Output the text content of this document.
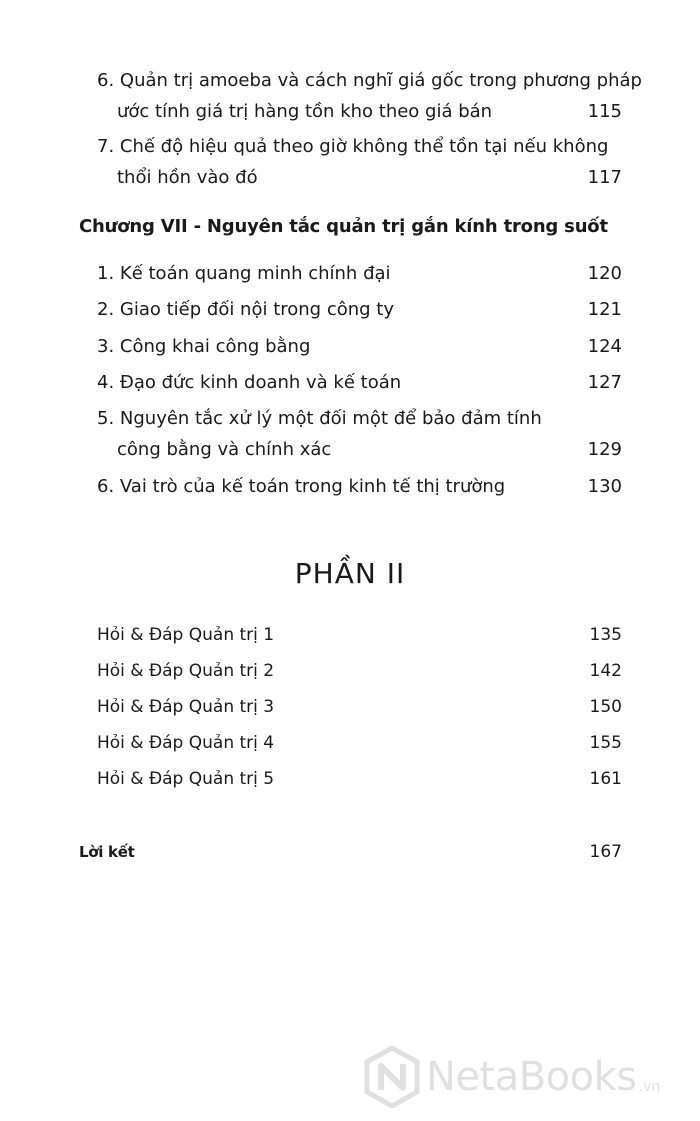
6. Quản trị amoeba và cách nghĩ giá gốc trong phương pháp
ước tính giá trị hàng tồn kho theo giá bán	115
7. Chế độ hiệu quả theo giờ không thể tồn tại nếu không
thổi hồn vào đó	117
Chương VII - Nguyên tắc quản trị gắn kính trong suốt
1. Kế toán quang minh chính đại	120
2. Giao tiếp đối nội trong công ty	121
3. Công khai công bằng	124
4. Đạo đức kinh doanh và kế toán	127
5. Nguyên tắc xử lý một đối một để bảo đảm tính
công bằng và chính xác	129
6. Vai trò của kế toán trong kinh tế thị trường	130
PHẦN II
Hỏi & Đáp Quản trị 1	135
Hỏi & Đáp Quản trị 2	142
Hỏi & Đáp Quản trị 3	150
Hỏi & Đáp Quản trị 4	155
Hỏi & Đáp Quản trị 5	161
Lời kết	167
NetaBooks .vn
